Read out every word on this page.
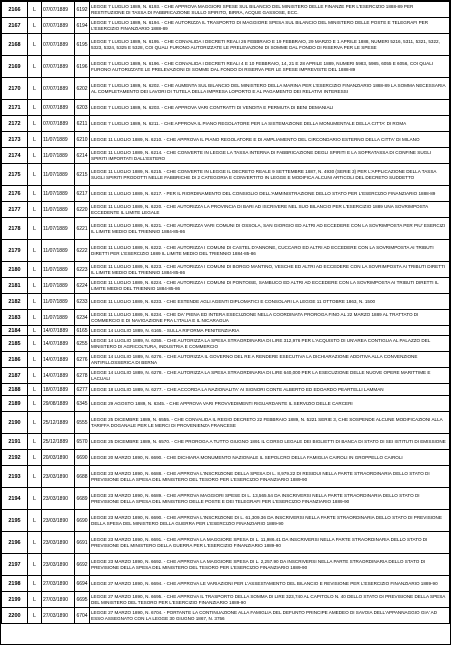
2166	L	07/07/1889	6192	LEGGE 7 LUGLIO 1889, N. 6193. - CHE APPROVA MAGGIORI SPESE SUL BILANCIO DEL MINISTERO DELLE FINANZE PER L'ESERCIZIO 1888-89 PER RESTITUZIONE DI TASSA DI FABBRICAZIONE SULLO SPIRITO, BIRRA, ACQUE GASSOSE, ECC.
2167	L	07/07/1889	6194	LEGGE 7 LUGLIO 1889, N. 6194. - CHE AUTORIZZA IL TRASPORTO DI MAGGIORE SPESA SUL BILANCIO DEL MINISTERO DELLE POSTE E TELEGRAFI PER L'ESERCIZIO FINANZIARIO 1888-89
2168	L	07/07/1889	6195	LEGGE 7 LUGLIO 1889, N. 6195. - CHE CONVALIDA I DECRETI REALI 26 FEBBRAIO E 19 FEBBRAIO, 29 MARZO E 1 APRILE 1888, NUMERI 5216, 5311, 5321, 5322, 5323, 5324, 5325 E 5328, COI QUALI FURONO AUTORIZZATE LE PRELEVAZIONI DI SOMME DAL FONDO DI RISERVA PER LE SPESE
2169	L	07/07/1889	6196	LEGGE 7 LUGLIO 1889, N. 6196. - CHE CONVALIDA I DECRETI REALI 4 E 10 FEBBRAIO, 14, 21 E 28 APRILE 1889, NUMERI 5983, 5985, 6055 E 6056, COI QUALI FURONO AUTORIZZATE LE PRELEVAZIONI DI SOMME DAL FONDO DI RISERVA PER LE SPESE IMPREVISTE DEL 1888-89
2170	L	07/07/1889	6202	LEGGE 7 LUGLIO 1889, N. 6202. - CHE AUMENTA SUL BILANCIO DEL MINISTERO DELLA MARINA PER L'ESERCIZIO FINANZIARIO 1888-89 LA SOMMA NECESSARIA AL COMPLETAMENTO DEI LAVORI DI TUTELA DELLA IMPRESA LOPORTO E AL PAGAMENTO DEI RELATIVI INTERESSI
2171	L	07/07/1889	6203	LEGGE 7 LUGLIO 1889, N. 6203. - CHE APPROVA VARI CONTRATTI DI VENDITA E PERMUTA DI BENI DEMANIALI
2172	L	07/07/1889	6211	LEGGE 7 LUGLIO 1889, N. 6211. - CHE APPROVA IL PIANO REGOLATORE PER LA SISTEMAZIONE DELLA MONUMENTALE DELLA CITTA' DI ROMA
2173	L	11/07/1889	6210	LEGGE 11 LUGLIO 1889, N. 6210. - CHE APPROVA IL PIANO REGOLATORE E DI AMPLIAMENTO DEL CIRCONDARIO ESTERNO DELLA CITTA' DI MILANO
2174	L	11/07/1889	6214	LEGGE 11 LUGLIO 1889, N. 6214. - CHE CONVERTE IN LEGGE LA TASSA INTERNA DI FABBRICAZIONE DEGLI SPIRITI E LA SOPRATASSA DI CONFINE SUGLI SPIRITI IMPORTATI DALL'ESTERO
2175	L	11/07/1889	6215	LEGGE 11 LUGLIO 1889, N. 6215. - CHE CONVERTE IN LEGGE IL DECRETO REALE 9 SETTEMBRE 1887, N. 4930 (SERIE 3) PER L'APPLICAZIONE DELLA TASSA SUGLI SPIRITI PRODOTTI NELLE FABBRICHE DI 2 CATEGORIA E CONVERTITO IN LEGGE E MODIFICA ALCUNI ARTICOLI DEL DECRETO SUDDETTO
2176	L	11/07/1889	6217	LEGGE 11 LUGLIO 1889, N. 6217. - PER IL RIORDINAMENTO DEL CONSIGLIO DELL'AMMINISTRAZIONE DELLO STATO PER L'ESERCIZIO FINANZIARIO 1888-89
2177	L	11/07/1889	6220	LEGGE 11 LUGLIO 1889, N. 6220. - CHE AUTORIZZA LA PROVINCIA DI BARI AD ISCRIVERE NEL SUO BILANCIO PER L'ESERCIZIO 1889 UNA SOVRIMPOSTA ECCEDENTE IL LIMITE LEGALE
2178	L	11/07/1889	6221	LEGGE 11 LUGLIO 1889, N. 6221. - CHE AUTORIZZA VARI COMUNI DI OSSOLA, SAN GIORGIO ED ALTRI AD ECCEDERE CON LA SOVRIMPOSTA PER PIU' ESERCIZI IL LIMITE MEDIO DEL TRIENNIO 1884-85-86
2179	L	11/07/1889	6222	LEGGE 11 LUGLIO 1889, N. 6222. - CHE AUTORIZZA I COMUNI DI CASTEL D'ANNONE, CUCCARO ED ALTRI AD ECCEDERE CON LA SOVRIMPOSTA AI TRIBUTI DIRETTI PER L'ESERCIZIO 1889 IL LIMITE MEDIO DEL TRIENNIO 1884-85-86
2180	L	11/07/1889	6223	LEGGE 11 LUGLIO 1889, N. 6223. - CHE AUTORIZZA I COMUNI DI BORGO MANTINO, VESCHE ED ALTRI AD ECCEDERE CON LA SOVRIMPOSTA AI TRIBUTI DIRETTI IL LIMITE MEDIO DEL TRIENNIO 1884-85-86
2181	L	11/07/1889	6224	LEGGE 11 LUGLIO 1889, N. 6224. - CHE AUTORIZZA I COMUNI DI PONTOISE, SAMBUCO ED ALTRI AD ECCEDERE CON LA SOVRIMPOSTA AI TRIBUTI DIRETTI IL LIMITE MEDIO DEL TRIENNIO 1884-85-86
2182	L	11/07/1889	6233	LEGGE 11 LUGLIO 1889, N. 6233. - CHE ESTENDE AGLI AGENTI DIPLOMATICI E CONSOLARI LA LEGGE 11 OTTOBRE 1863, N. 1500
2183	L	11/07/1889	6234	LEGGE 11 LUGLIO 1889, N. 6234. - CHE DA' PIENA ED INTERA ESECUZIONE NELLA COORDINATA PROROGA FINO AL 22 MARZO 1889 AL TRATTATO DI COMMERCIO E DI NAVIGAZIONE FRA L'ITALIA E IL NICARAGUA
2184	L	14/07/1889	6165	LEGGE 14 LUGLIO 1889, N. 6165. - SULLA RIFORMA PENITENZIARIA
2185	L	14/07/1889	6255	LEGGE 14 LUGLIO 1889, N. 6255. - CHE AUTORIZZA LA SPESA STRAORDINARIA DI LIRE 312,976 PER L'ACQUISTO DI UN'AREA CONTIGUA AL PALAZZO DEL MINISTERO DI AGRICOLTURA, INDUSTRIA E COMMERCIO
2186	L	14/07/1889	6276	LEGGE 14 LUGLIO 1889, N. 6276. - CHE AUTORIZZA IL GOVERNO DEL RE A RENDERE ESECUTIVA LA DICHIARAZIONE ADDITIVA ALLA CONVENZIONE ANTIFILLOSSERICA DI BERNA
2187	L	14/07/1889	6278	LEGGE 14 LUGLIO 1889, N. 6278. - CHE AUTORIZZA LA SPESA STRAORDINARIA DI LIRE 640,000 PER LA ESECUZIONE DELLE NUOVE OPERE MARITTIME E LACUALI
2188	L	18/07/1889	6277	LEGGE 18 LUGLIO 1889, N. 6277. - CHE ACCORDA LA NAZIONALITA' AI SIGNORI CONTE ALBERTO ED EDOARDO PEARTELLI LAMMAN
2189	L	29/08/1889	6345	LEGGE 29 AGOSTO 1889, N. 6345. - CHE APPROVA VARI PROVVEDIMENTI RIGUARDANTE IL SERVIZIO DELLE CARCERI
2190	L	25/12/1889	6555	LEGGE 25 DICEMBRE 1889, N. 6555. - CHE CONVALIDA IL REGIO DECRETO 22 FEBBRAIO 1889, N. 5221 SERIE 3, CHE SOSPENDE ALCUNE MODIFICAZIONI ALLA TARIFFA DOGANALE PER LE MERCI DI PROVENIENZA FRANCESE
2191	L	25/12/1889	6570	LEGGE 25 DICEMBRE 1889, N. 6570. - CHE PROROGA A TUTTO GIUGNO 1891 IL CORSO LEGALE DEI BIGLIETTI DI BANCA DI STATO DI SEI ISTITUTI DI EMISSIONE
2192	L	20/03/1890	6690	LEGGE 20 MARZO 1890, N. 6690. - CHE DICHIARA MONUMENTO NAZIONALE IL SEPOLCRO DELLA FAMIGLIA CAIROLI IN GROPPELLO CAIROLI
2193	L	23/03/1890	6688	LEGGE 23 MARZO 1890, N. 6688. - CHE APPROVA L'INSCRIZIONE DELLA SPESA DI L. 8,979.22 DI RESIDUI NELLA PARTE STRAORDINARIA DELLO STATO DI PREVISIONE DELLA SPESA DEL MINISTERO DEL TESORO PER L'ESERCIZIO FINANZIARIO 1889-90
2194	L	23/03/1890	6689	LEGGE 23 MARZO 1890, N. 6689. - CHE APPROVA MAGGIORI SPESE DI L. 13,565.54 DA INSCRIVERSI NELLA PARTE STRAORDINARIA DELLO STATO DI PREVISIONE DELLA SPESA DEL MINISTERO DELLE POSTE E DEI TELEGRAFI PER L'ESERCIZIO FINANZIARIO 1889-90
2195	L	23/03/1890	6690	LEGGE 23 MARZO 1890, N. 6690. - CHE APPROVA L'INSCRIZIONE DI L. 61,309.36 DA INSCRIVERSI NELLA PARTE STRAORDINARIA DELLO STATO DI PREVISIONE DELLA SPESA DEL MINISTERO DELLA GUERRA PER L'ESERCIZIO FINANZIARIO 1889-90
2196	L	23/03/1890	6691	LEGGE 23 MARZO 1890, N. 6691. - CHE APPROVA LA MAGGIORE SPESA DI L. 11,986.41 DA INSCRIVERSI NELLA PARTE STRAORDINARIA DELLO STATO DI PREVISIONE DEL MINISTERO DELLA GUERRA PER L'ESERCIZIO FINANZIARIO 1889-90
2197	L	23/03/1890	6692	LEGGE 23 MARZO 1890, N. 6692. - CHE APPROVA LA MAGGIORE SPESA DI L. 2,257.90 DA INSCRIVERSI NELLA PARTE STRAORDINARIA DELLO STATO DI PREVISIONE DELLA SPESA DEL MINISTERO DEL TESORO PER L'ESERCIZIO FINANZIARIO 1889-90
2198	L	27/03/1890	6694	LEGGE 27 MARZO 1890, N. 6694. - CHE APPROVA LE VARIAZIONI PER L'ASSESTAMENTO DEL BILANCIO E REVISIONE PER L'ESERCIZIO FINANZIARIO 1889-90
2199	L	27/03/1890	6695	LEGGE 27 MARZO 1890, N. 6695. - CHE APPROVA IL TRASPORTO DELLA SOMMA DI LIRE 323,740 AL CAPITOLO N. 40 DELLO STATO DI PREVISIONE DELLA SPESA DEL MINISTERO DEL TESORO PER L'ESERCIZIO FINANZIARIO 1889-90
2200	L	27/03/1890	6704	LEGGE 27 MARZO 1890, N. 6704. - PORTANTE LA CONTINUAZIONE ALLA FAMIGLIA DEL DEFUNTO PRINCIPE AMEDEO DI SAVOIA DELL'APPANNAGGIO GIA' AD ESSO ASSEGNATO CON LA LEGGE 30 GIUGNO 1867, N. 3756
